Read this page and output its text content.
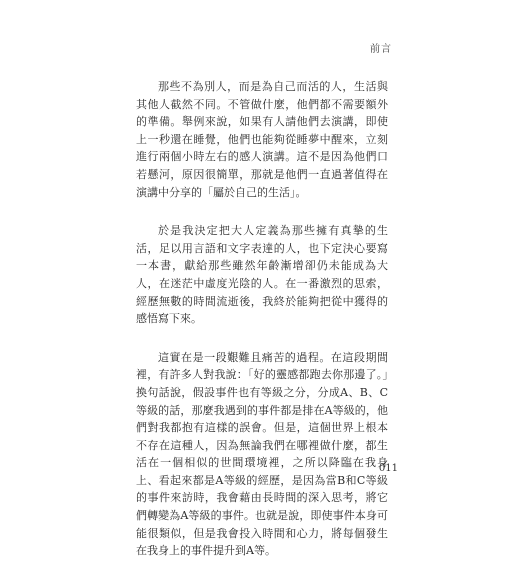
前言

那些不為別人，而是為自己而活的人，生活與其他人截然不同。不管做什麼，他們都不需要額外的準備。舉例來說，如果有人請他們去演講，即使上一秒還在睡覺，他們也能夠從睡夢中醒來，立刻進行兩個小時左右的感人演講。這不是因為他們口若懸河，原因很簡單，那就是他們一直過著值得在演講中分享的「屬於自己的生活」。

於是我決定把大人定義為那些擁有真摯的生活，足以用言語和文字表達的人，也下定決心要寫一本書，獻給那些雖然年齡漸增卻仍未能成為大人，在迷茫中虛度光陰的人。在一番激烈的思索，經歷無數的時間流逝後，我終於能夠把從中獲得的感悟寫下來。

這實在是一段艱難且痛苦的過程。在這段期間裡，有許多人對我說：「好的靈感都跑去你那邊了。」換句話說，假設事件也有等級之分，分成A、B、C等級的話，那麼我遇到的事件都是排在A等級的，他們對我都抱有這樣的誤會。但是，這個世界上根本不存在這種人，因為無論我們在哪裡做什麼，都生活在一個相似的世間環境裡，之所以降臨在我身上、看起來都是A等級的經歷，是因為當B和C等級的事件來訪時，我會藉由長時間的深入思考，將它們轉變為A等級的事件。也就是說，即使事件本身可能很類似，但是我會投入時間和心力，將每個發生在我身上的事件提升到A等。

011
